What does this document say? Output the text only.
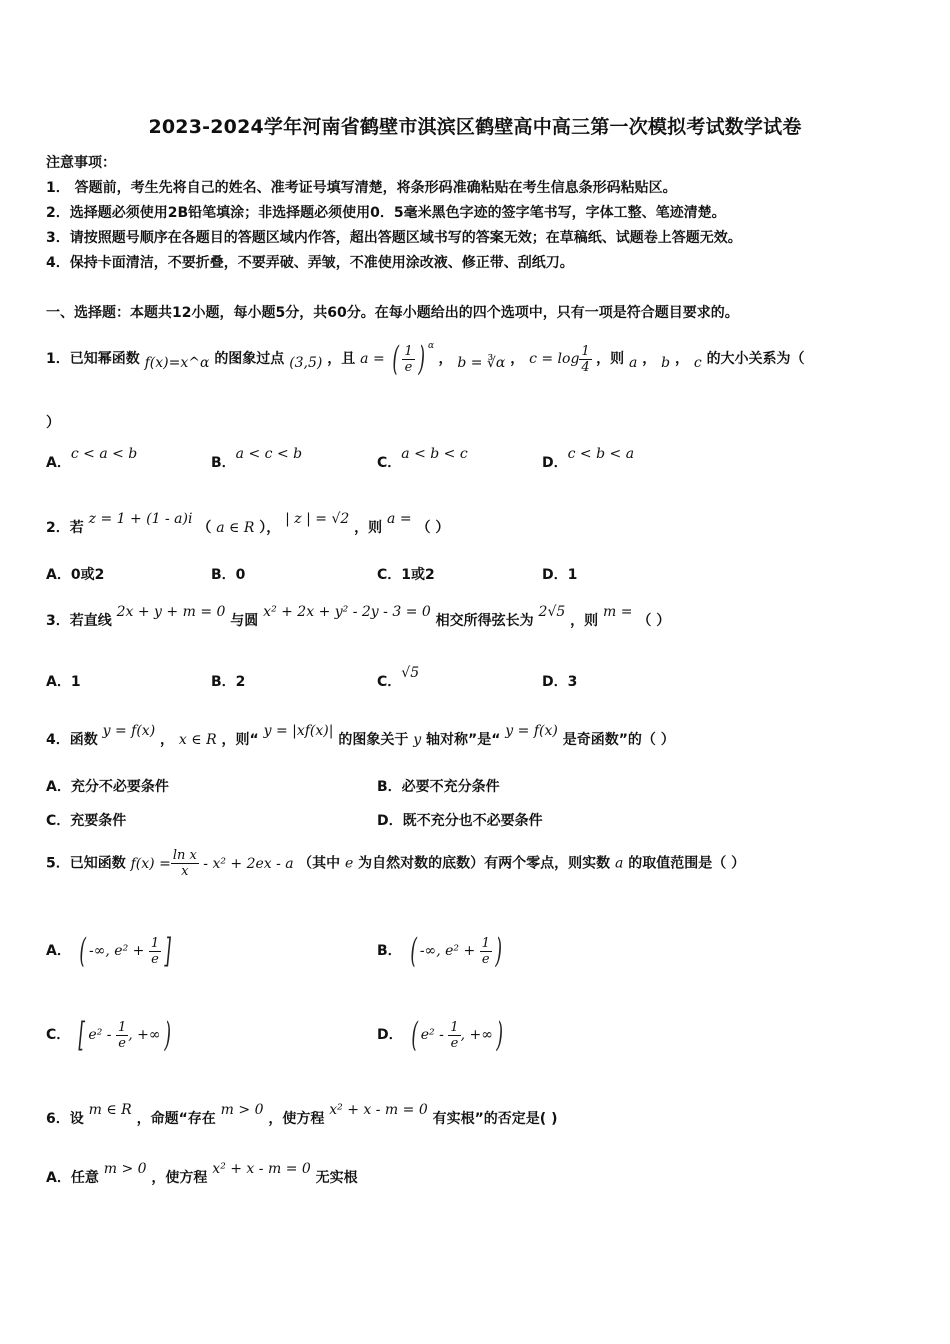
2023-2024学年河南省鹤壁市淇滨区鹤壁高中高三第一次模拟考试数学试卷
注意事项：
1． 答题前，考生先将自己的姓名、准考证号填写清楚，将条形码准确粘贴在考生信息条形码粘贴区。
2．选择题必须使用2B铅笔填涂；非选择题必须使用0．5毫米黑色字迹的签字笔书写，字体工整、笔迹清楚。
3．请按照题号顺序在各题目的答题区域内作答，超出答题区域书写的答案无效；在草稿纸、试题卷上答题无效。
4．保持卡面清洁，不要折叠，不要弄破、弄皱，不准使用涂改液、修正带、刮纸刀。
一、选择题：本题共12小题，每小题5分，共60分。在每小题给出的四个选项中，只有一项是符合题目要求的。
1．已知幂函数 f(x)=x^α 的图象过点 (3,5) ，且 a = ( $\frac{1}{e}$ ) $^\alpha$ ， b = ∛α ， $c = \log \frac{1}{4}$ ，则 a ， b ， c 的大小关系为（
）
A．c < a < b
B．a < c < b
C．a < b < c
D．c < b < a
2．若 z = 1 + (1 - a)i （ a ∈ R ）， | z | = √2 ，则 a = （ ）
A．0或2	B．0	C．1或2	D．1
3．若直线 2x + y + m = 0 与圆 x² + 2x + y² - 2y - 3 = 0 相交所得弦长为 2√5 ，则 m = （ ）
A．1	B．2	C．√5
D．3
4．函数 y = f(x) ， x ∈ R ，则“ y = |xf(x)| 的图象关于 y 轴对称”是“ y = f(x) 是奇函数”的（ ）
A．充分不必要条件	B．必要不充分条件
C．充要条件	D．既不充分也不必要条件
5．已知函数 $f(x) = \frac{\text{ln x}}{x} - x^2 + 2ex - a$ （其中 e 为自然对数的底数）有两个零点，则实数 a 的取值范围是（ ）
A． ( -∞, $e^2 + \frac{1}{e}$ ]	B． ( -∞, $e^2 + \frac{1}{e}$ )
C． [ $e^2 - \frac{1}{e}$ , +∞)	D． ( $e^2 - \frac{1}{e}$ , +∞)
6．设 m ∈ R ，命题“存在 m > 0 ，使方程 x² + x - m = 0 有实根”的否定是( )
A．任意 m > 0 ，使方程 x² + x - m = 0 无实根
